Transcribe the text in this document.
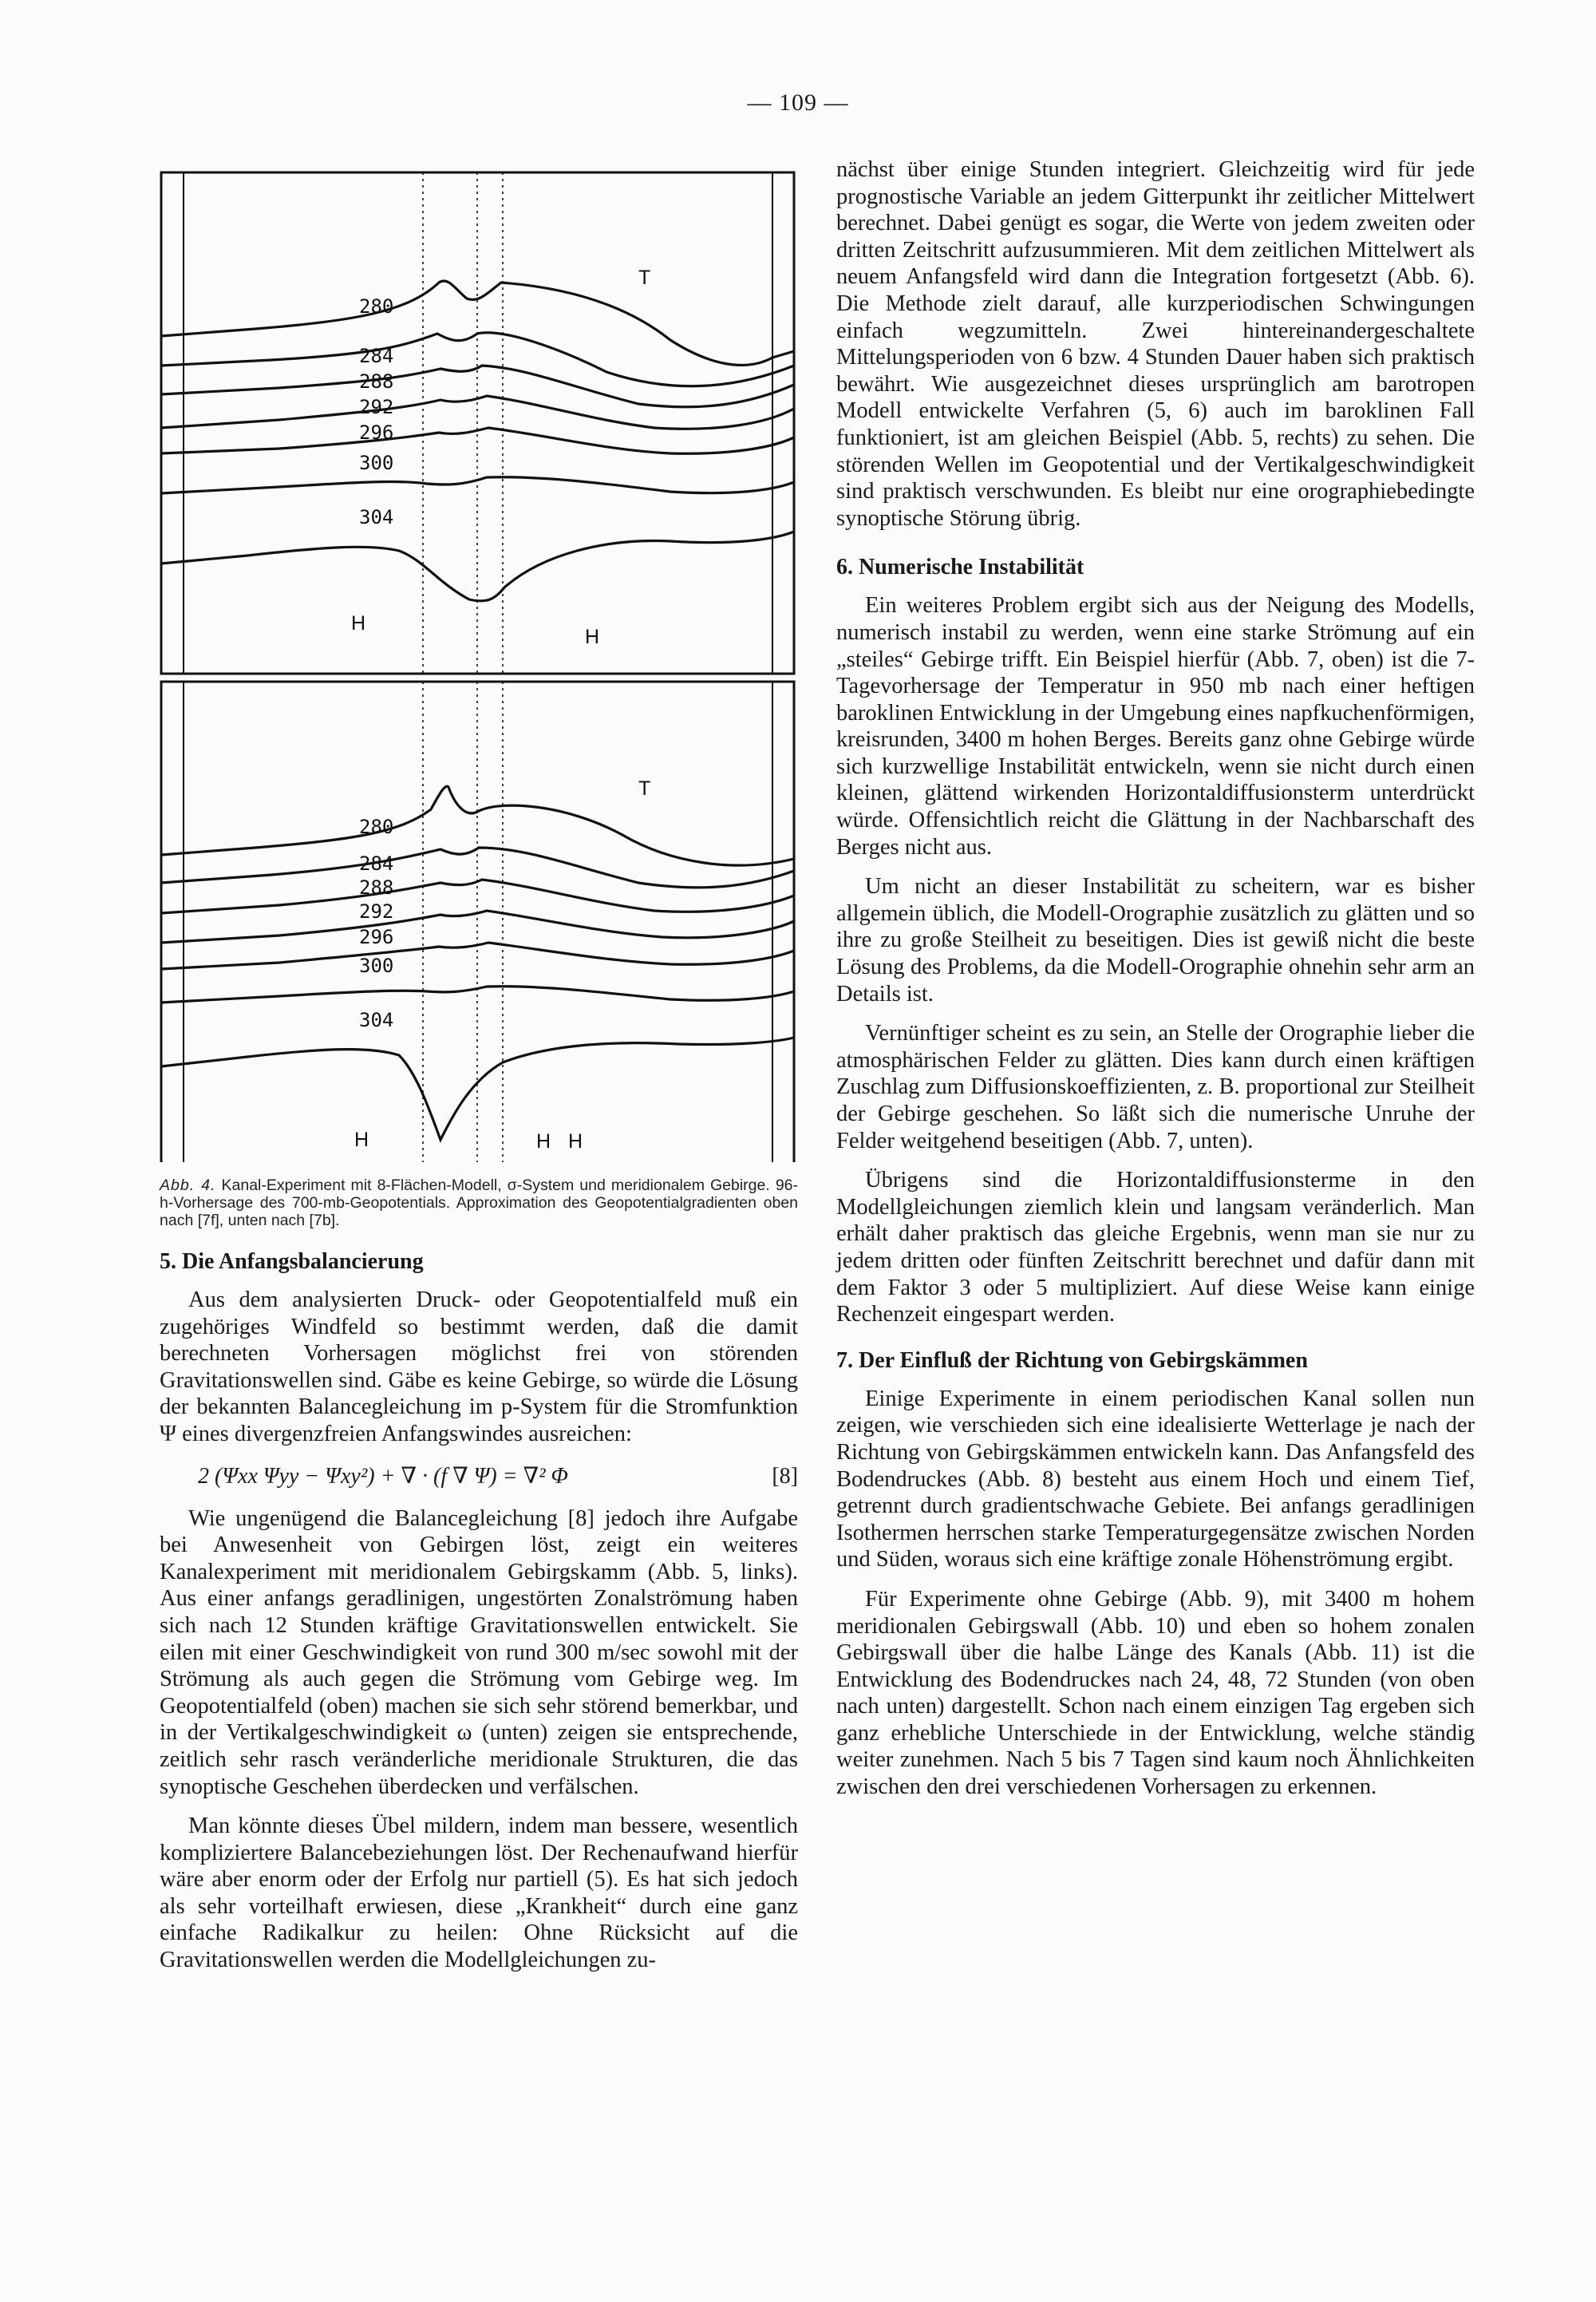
— 109 —
280
284
288
292
296
300
304
T
H
H
280
284
288
292
296
300
304
T
H	H H

Abb. 4. Kanal-Experiment mit 8-Flächen-Modell, σ-System und meridionalem Gebirge. 96-h-Vorhersage des 700-mb-Geopotentials. Approximation des Geopotentialgradienten oben nach [7f], unten nach [7b].

5. Die Anfangsbalancierung

Aus dem analysierten Druck- oder Geopotentialfeld muß ein zugehöriges Windfeld so bestimmt werden, daß die damit berechneten Vorhersagen möglichst frei von störenden Gravitationswellen sind. Gäbe es keine Gebirge, so würde die Lösung der bekannten Balancegleichung im p-System für die Stromfunktion Ψ eines divergenzfreien Anfangswindes ausreichen:

2 (Ψxx Ψyy − Ψxy²) + ∇ · (f ∇ Ψ) = ∇² Φ	[8]

Wie ungenügend die Balancegleichung [8] jedoch ihre Aufgabe bei Anwesenheit von Gebirgen löst, zeigt ein weiteres Kanalexperiment mit meridionalem Gebirgskamm (Abb. 5, links). Aus einer anfangs geradlinigen, ungestörten Zonalströmung haben sich nach 12 Stunden kräftige Gravitationswellen entwickelt. Sie eilen mit einer Geschwindigkeit von rund 300 m/sec sowohl mit der Strömung als auch gegen die Strömung vom Gebirge weg. Im Geopotentialfeld (oben) machen sie sich sehr störend bemerkbar, und in der Vertikalgeschwindigkeit ω (unten) zeigen sie entsprechende, zeitlich sehr rasch veränderliche meridionale Strukturen, die das synoptische Geschehen überdecken und verfälschen.

Man könnte dieses Übel mildern, indem man bessere, wesentlich kompliziertere Balancebeziehungen löst. Der Rechenaufwand hierfür wäre aber enorm oder der Erfolg nur partiell (5). Es hat sich jedoch als sehr vorteilhaft erwiesen, diese „Krankheit“ durch eine ganz einfache Radikalkur zu heilen: Ohne Rücksicht auf die Gravitationswellen werden die Modellgleichungen zu-

nächst über einige Stunden integriert. Gleichzeitig wird für jede prognostische Variable an jedem Gitterpunkt ihr zeitlicher Mittelwert berechnet. Dabei genügt es sogar, die Werte von jedem zweiten oder dritten Zeitschritt aufzusummieren. Mit dem zeitlichen Mittelwert als neuem Anfangsfeld wird dann die Integration fortgesetzt (Abb. 6). Die Methode zielt darauf, alle kurzperiodischen Schwingungen einfach wegzumitteln. Zwei hintereinandergeschaltete Mittelungsperioden von 6 bzw. 4 Stunden Dauer haben sich praktisch bewährt. Wie ausgezeichnet dieses ursprünglich am barotropen Modell entwickelte Verfahren (5, 6) auch im baroklinen Fall funktioniert, ist am gleichen Beispiel (Abb. 5, rechts) zu sehen. Die störenden Wellen im Geopotential und der Vertikalgeschwindigkeit sind praktisch verschwunden. Es bleibt nur eine orographiebedingte synoptische Störung übrig.

6. Numerische Instabilität

Ein weiteres Problem ergibt sich aus der Neigung des Modells, numerisch instabil zu werden, wenn eine starke Strömung auf ein „steiles“ Gebirge trifft. Ein Beispiel hierfür (Abb. 7, oben) ist die 7-Tagevorhersage der Temperatur in 950 mb nach einer heftigen baroklinen Entwicklung in der Umgebung eines napfkuchenförmigen, kreisrunden, 3400 m hohen Berges. Bereits ganz ohne Gebirge würde sich kurzwellige Instabilität entwickeln, wenn sie nicht durch einen kleinen, glättend wirkenden Horizontaldiffusionsterm unterdrückt würde. Offensichtlich reicht die Glättung in der Nachbarschaft des Berges nicht aus.

Um nicht an dieser Instabilität zu scheitern, war es bisher allgemein üblich, die Modell-Orographie zusätzlich zu glätten und so ihre zu große Steilheit zu beseitigen. Dies ist gewiß nicht die beste Lösung des Problems, da die Modell-Orographie ohnehin sehr arm an Details ist.

Vernünftiger scheint es zu sein, an Stelle der Orographie lieber die atmosphärischen Felder zu glätten. Dies kann durch einen kräftigen Zuschlag zum Diffusionskoeffizienten, z. B. proportional zur Steilheit der Gebirge geschehen. So läßt sich die numerische Unruhe der Felder weitgehend beseitigen (Abb. 7, unten).

Übrigens sind die Horizontaldiffusionsterme in den Modellgleichungen ziemlich klein und langsam veränderlich. Man erhält daher praktisch das gleiche Ergebnis, wenn man sie nur zu jedem dritten oder fünften Zeitschritt berechnet und dafür dann mit dem Faktor 3 oder 5 multipliziert. Auf diese Weise kann einige Rechenzeit eingespart werden.

7. Der Einfluß der Richtung von Gebirgskämmen

Einige Experimente in einem periodischen Kanal sollen nun zeigen, wie verschieden sich eine idealisierte Wetterlage je nach der Richtung von Gebirgskämmen entwickeln kann. Das Anfangsfeld des Bodendruckes (Abb. 8) besteht aus einem Hoch und einem Tief, getrennt durch gradientschwache Gebiete. Bei anfangs geradlinigen Isothermen herrschen starke Temperaturgegensätze zwischen Norden und Süden, woraus sich eine kräftige zonale Höhenströmung ergibt.

Für Experimente ohne Gebirge (Abb. 9), mit 3400 m hohem meridionalen Gebirgswall (Abb. 10) und eben so hohem zonalen Gebirgswall über die halbe Länge des Kanals (Abb. 11) ist die Entwicklung des Bodendruckes nach 24, 48, 72 Stunden (von oben nach unten) dargestellt. Schon nach einem einzigen Tag ergeben sich ganz erhebliche Unterschiede in der Entwicklung, welche ständig weiter zunehmen. Nach 5 bis 7 Tagen sind kaum noch Ähnlichkeiten zwischen den drei verschiedenen Vorhersagen zu erkennen.
